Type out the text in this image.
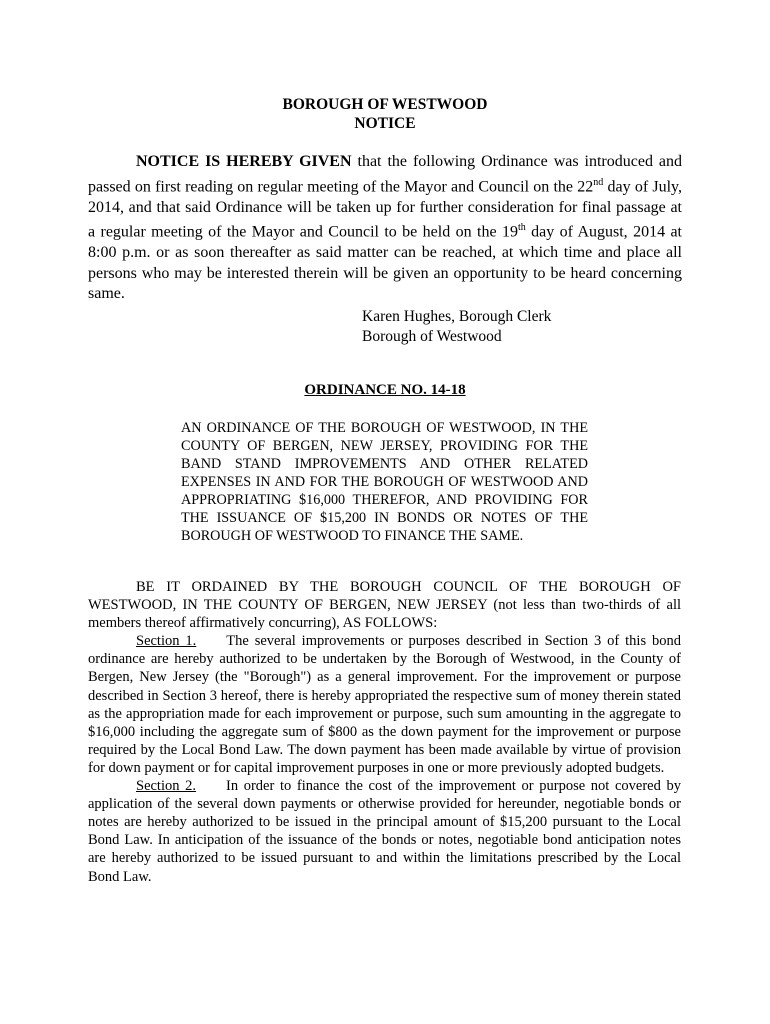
BOROUGH OF WESTWOOD
NOTICE

NOTICE IS HEREBY GIVEN that the following Ordinance was introduced and passed on first reading on regular meeting of the Mayor and Council on the 22nd day of July, 2014, and that said Ordinance will be taken up for further consideration for final passage at a regular meeting of the Mayor and Council to be held on the 19th day of August, 2014 at 8:00 p.m. or as soon thereafter as said matter can be reached, at which time and place all persons who may be interested therein will be given an opportunity to be heard concerning same.

Karen Hughes, Borough Clerk
Borough of Westwood
ORDINANCE NO. 14-18

AN ORDINANCE OF THE BOROUGH OF WESTWOOD, IN THE COUNTY OF BERGEN, NEW JERSEY, PROVIDING FOR THE BAND STAND IMPROVEMENTS AND OTHER RELATED EXPENSES IN AND FOR THE BOROUGH OF WESTWOOD AND APPROPRIATING $16,000 THEREFOR, AND PROVIDING FOR THE ISSUANCE OF $15,200 IN BONDS OR NOTES OF THE BOROUGH OF WESTWOOD TO FINANCE THE SAME.

BE IT ORDAINED BY THE BOROUGH COUNCIL OF THE BOROUGH OF WESTWOOD, IN THE COUNTY OF BERGEN, NEW JERSEY (not less than two-thirds of all members thereof affirmatively concurring), AS FOLLOWS:

Section 1. The several improvements or purposes described in Section 3 of this bond ordinance are hereby authorized to be undertaken by the Borough of Westwood, in the County of Bergen, New Jersey (the "Borough") as a general improvement. For the improvement or purpose described in Section 3 hereof, there is hereby appropriated the respective sum of money therein stated as the appropriation made for each improvement or purpose, such sum amounting in the aggregate to $16,000 including the aggregate sum of $800 as the down payment for the improvement or purpose required by the Local Bond Law. The down payment has been made available by virtue of provision for down payment or for capital improvement purposes in one or more previously adopted budgets.

Section 2. In order to finance the cost of the improvement or purpose not covered by application of the several down payments or otherwise provided for hereunder, negotiable bonds or notes are hereby authorized to be issued in the principal amount of $15,200 pursuant to the Local Bond Law. In anticipation of the issuance of the bonds or notes, negotiable bond anticipation notes are hereby authorized to be issued pursuant to and within the limitations prescribed by the Local Bond Law.
